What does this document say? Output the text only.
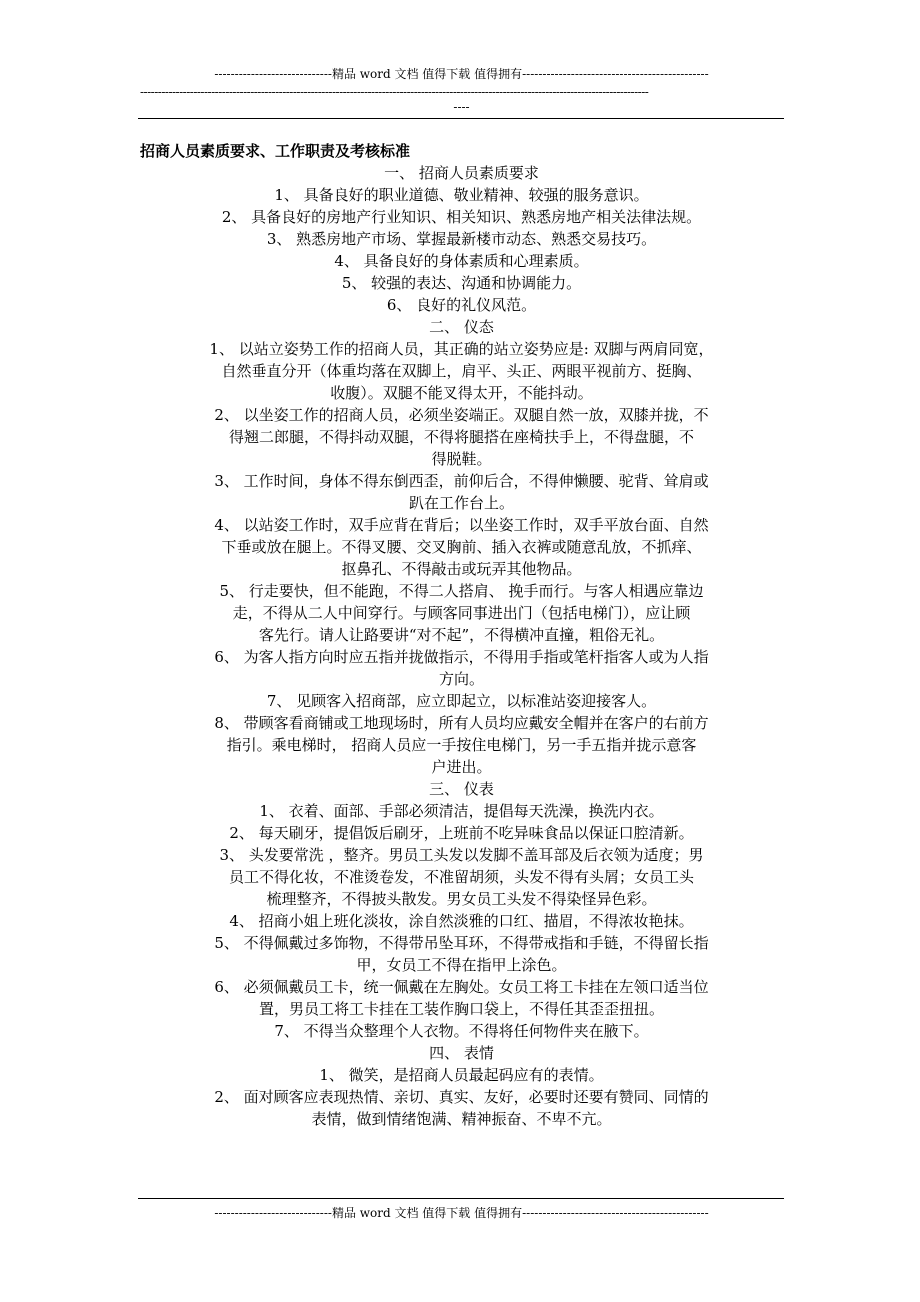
-----------------------------精品 word 文档 值得下载 值得拥有----------------------------------------------
-----------------------------------------------------------------------------------------------------------------------------------------------
----
招商人员素质要求、工作职责及考核标准
一、 招商人员素质要求
1、 具备良好的职业道德、敬业精神、较强的服务意识。
2、 具备良好的房地产行业知识、相关知识、熟悉房地产相关法律法规。
3、 熟悉房地产市场、掌握最新楼市动态、熟悉交易技巧。
4、 具备良好的身体素质和心理素质。
5、 较强的表达、沟通和协调能力。
6、 良好的礼仪风范。
二、 仪态
1、 以站立姿势工作的招商人员，其正确的站立姿势应是: 双脚与两肩同宽，
自然垂直分开（体重均落在双脚上，肩平、头正、两眼平视前方、挺胸、
收腹）。双腿不能叉得太开，不能抖动。
2、 以坐姿工作的招商人员，必须坐姿端正。双腿自然一放，双膝并拢，不
得翘二郎腿，不得抖动双腿，不得将腿搭在座椅扶手上，不得盘腿，不
得脱鞋。
3、 工作时间，身体不得东倒西歪，前仰后合，不得伸懒腰、驼背、耸肩或
趴在工作台上。
4、 以站姿工作时，双手应背在背后；以坐姿工作时，双手平放台面、自然
下垂或放在腿上。不得叉腰、交叉胸前、插入衣裤或随意乱放，不抓痒、
抠鼻孔、不得敲击或玩弄其他物品。
5、 行走要快，但不能跑，不得二人搭肩、 挽手而行。与客人相遇应靠边
走，不得从二人中间穿行。与顾客同事进出门（包括电梯门），应让顾
客先行。请人让路要讲“对不起”，不得横冲直撞，粗俗无礼。
6、 为客人指方向时应五指并拢做指示，不得用手指或笔杆指客人或为人指
方向。
7、 见顾客入招商部，应立即起立，以标准站姿迎接客人。
8、 带顾客看商铺或工地现场时，所有人员均应戴安全帽并在客户的右前方
指引。乘电梯时， 招商人员应一手按住电梯门，另一手五指并拢示意客
户进出。
三、 仪表
1、 衣着、面部、手部必须清洁，提倡每天洗澡，换洗内衣。
2、 每天刷牙，提倡饭后刷牙，上班前不吃异味食品以保证口腔清新。
3、 头发要常洗 ，整齐。男员工头发以发脚不盖耳部及后衣领为适度；男
员工不得化妆，不准烫卷发，不准留胡须，头发不得有头屑；女员工头
梳理整齐，不得披头散发。男女员工头发不得染怪异色彩。
4、 招商小姐上班化淡妆，涂自然淡雅的口红、描眉，不得浓妆艳抹。
5、 不得佩戴过多饰物，不得带吊坠耳环，不得带戒指和手链，不得留长指
甲，女员工不得在指甲上涂色。
6、 必须佩戴员工卡，统一佩戴在左胸处。女员工将工卡挂在左领口适当位
置，男员工将工卡挂在工装作胸口袋上，不得任其歪歪扭扭。
7、 不得当众整理个人衣物。不得将任何物件夹在腋下。
四、 表情
1、 微笑，是招商人员最起码应有的表情。
2、 面对顾客应表现热情、亲切、真实、友好，必要时还要有赞同、同情的
表情，做到情绪饱满、精神振奋、不卑不亢。
-----------------------------精品 word 文档 值得下载 值得拥有----------------------------------------------
